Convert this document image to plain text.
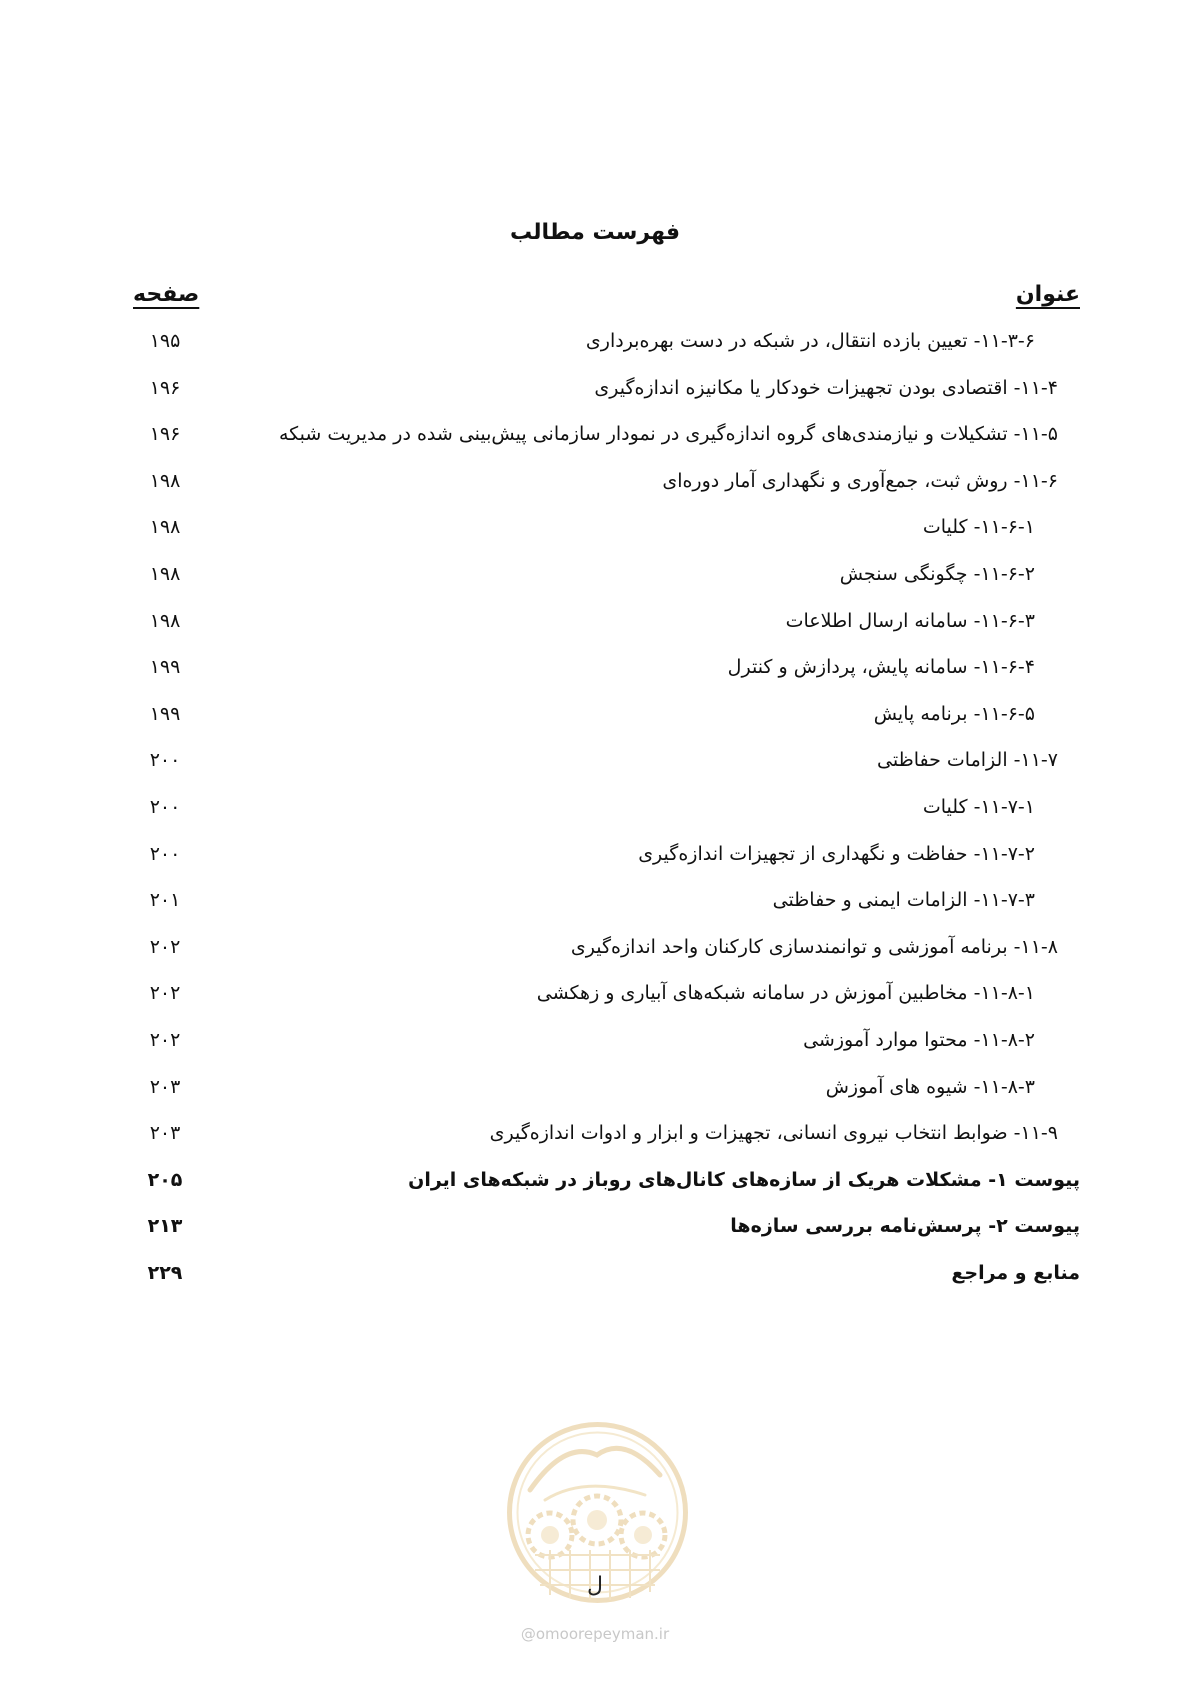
فهرست مطالب
عنوان
صفحه
۱۱-۳-۶- تعیین بازده انتقال، در شبکه در دست بهره‌برداری
۱۹۵
۱۱-۴- اقتصادی بودن تجهیزات خودکار یا مکانیزه اندازه‌گیری
۱۹۶
۱۱-۵- تشکیلات و نیازمندی‌های گروه اندازه‌گیری در نمودار سازمانی پیش‌بینی شده در مدیریت شبکه
۱۹۶
۱۱-۶- روش ثبت، جمع‌آوری و نگهداری آمار دوره‌ای
۱۹۸
۱۱-۶-۱- کلیات
۱۹۸
۱۱-۶-۲- چگونگی سنجش
۱۹۸
۱۱-۶-۳- سامانه ارسال اطلاعات
۱۹۸
۱۱-۶-۴- سامانه پایش، پردازش و کنترل
۱۹۹
۱۱-۶-۵- برنامه پایش
۱۹۹
۱۱-۷- الزامات حفاظتی
۲۰۰
۱۱-۷-۱- کلیات
۲۰۰
۱۱-۷-۲- حفاظت و نگهداری از تجهیزات اندازه‌گیری
۲۰۰
۱۱-۷-۳- الزامات ایمنی و حفاظتی
۲۰۱
۱۱-۸- برنامه آموزشی و توانمندسازی کارکنان واحد اندازه‌گیری
۲۰۲
۱۱-۸-۱- مخاطبین آموزش در سامانه شبکه‌های آبیاری و زهکشی
۲۰۲
۱۱-۸-۲- محتوا موارد آموزشی
۲۰۲
۱۱-۸-۳- شیوه های آموزش
۲۰۳
۱۱-۹- ضوابط انتخاب نیروی انسانی، تجهیزات و ابزار و ادوات اندازه‌گیری
۲۰۳
پیوست ۱- مشکلات هریک از سازه‌های کانال‌های روباز در شبکه‌های ایران
۲۰۵
پیوست ۲- پرسش‌نامه بررسی سازه‌ها
۲۱۳
منابع و مراجع
۲۲۹
ل
@omoorepeyman.ir
